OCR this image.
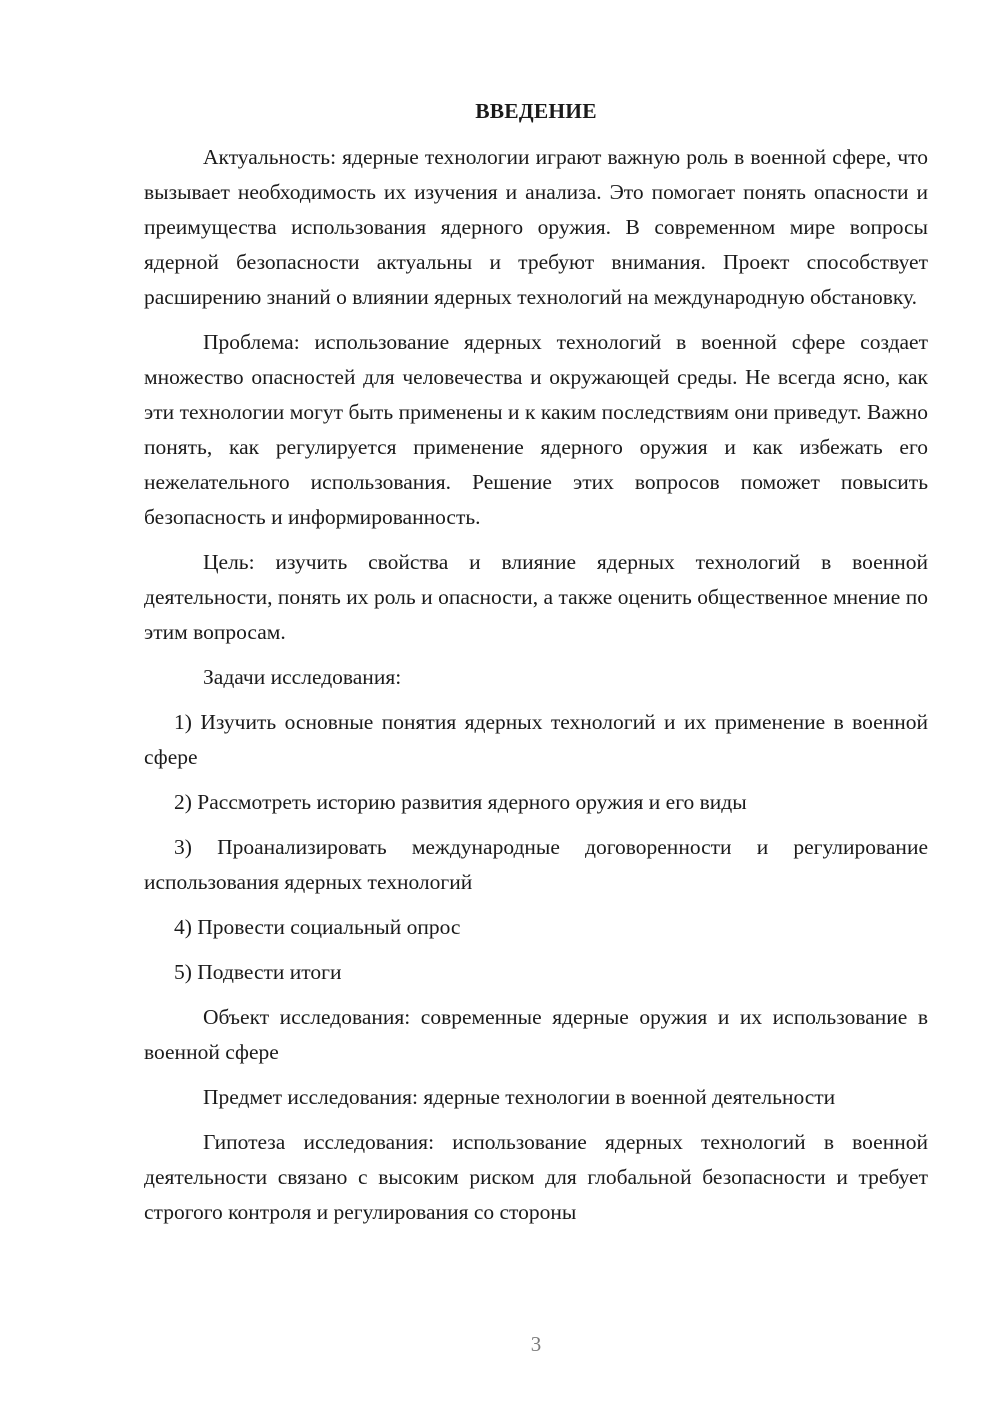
ВВЕДЕНИЕ

Актуальность: ядерные технологии играют важную роль в военной сфере, что вызывает необходимость их изучения и анализа. Это помогает понять опасности и преимущества использования ядерного оружия. В современном мире вопросы ядерной безопасности актуальны и требуют внимания. Проект способствует расширению знаний о влиянии ядерных технологий на международную обстановку.

Проблема: использование ядерных технологий в военной сфере создает множество опасностей для человечества и окружающей среды. Не всегда ясно, как эти технологии могут быть применены и к каким последствиям они приведут. Важно понять, как регулируется применение ядерного оружия и как избежать его нежелательного использования. Решение этих вопросов поможет повысить безопасность и информированность.

Цель: изучить свойства и влияние ядерных технологий в военной деятельности, понять их роль и опасности, а также оценить общественное мнение по этим вопросам.

Задачи исследования:

1) Изучить основные понятия ядерных технологий и их применение в военной сфере

2) Рассмотреть историю развития ядерного оружия и его виды

3) Проанализировать международные договоренности и регулирование использования ядерных технологий

4) Провести социальный опрос

5) Подвести итоги

Объект исследования: современные ядерные оружия и их использование в военной сфере

Предмет исследования: ядерные технологии в военной деятельности

Гипотеза исследования: использование ядерных технологий в военной деятельности связано с высоким риском для глобальной безопасности и требует строгого контроля и регулирования со стороны

3
